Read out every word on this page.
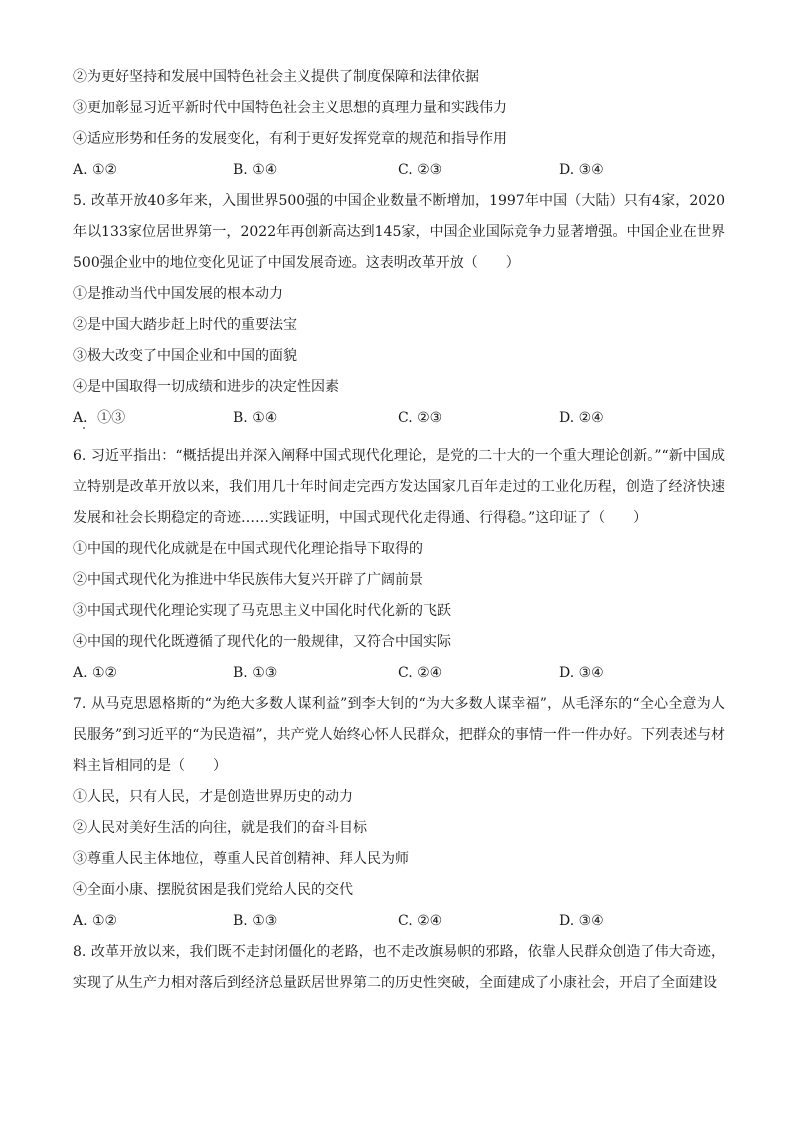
②为更好坚持和发展中国特色社会主义提供了制度保障和法律依据
③更加彰显习近平新时代中国特色社会主义思想的真理力量和实践伟力
④适应形势和任务的发展变化，有利于更好发挥党章的规范和指导作用
A. ①②	B. ①④	C. ②③	D. ③④
5. 改革开放40多年来，入围世界500强的中国企业数量不断增加，1997年中国（大陆）只有4家，2020年以133家位居世界第一，2022年再创新高达到145家，中国企业国际竞争力显著增强。中国企业在世界500强企业中的地位变化见证了中国发展奇迹。这表明改革开放（　　）
①是推动当代中国发展的根本动力
②是中国大踏步赶上时代的重要法宝
③极大改变了中国企业和中国的面貌
④是中国取得一切成绩和进步的决定性因素
A．①③	B. ①④	C. ②③	D. ②④
6. 习近平指出：“概括提出并深入阐释中国式现代化理论，是党的二十大的一个重大理论创新。”“新中国成立特别是改革开放以来，我们用几十年时间走完西方发达国家几百年走过的工业化历程，创造了经济快速发展和社会长期稳定的奇迹……实践证明，中国式现代化走得通、行得稳。”这印证了（　　）
①中国的现代化成就是在中国式现代化理论指导下取得的
②中国式现代化为推进中华民族伟大复兴开辟了广阔前景
③中国式现代化理论实现了马克思主义中国化时代化新的飞跃
④中国的现代化既遵循了现代化的一般规律，又符合中国实际
A. ①②	B. ①③	C. ②④	D. ③④
7. 从马克思恩格斯的“为绝大多数人谋利益”到李大钊的“为大多数人谋幸福”，从毛泽东的“全心全意为人民服务”到习近平的“为民造福”，共产党人始终心怀人民群众，把群众的事情一件一件办好。下列表述与材料主旨相同的是（　　）
①人民，只有人民，才是创造世界历史的动力
②人民对美好生活的向往，就是我们的奋斗目标
③尊重人民主体地位，尊重人民首创精神、拜人民为师
④全面小康、摆脱贫困是我们党给人民的交代
A. ①②	B. ①③	C. ②④	D. ③④
8. 改革开放以来，我们既不走封闭僵化的老路，也不走改旗易帜的邪路，依靠人民群众创造了伟大奇迹，实现了从生产力相对落后到经济总量跃居世界第二的历史性突破，全面建成了小康社会，开启了全面建设
